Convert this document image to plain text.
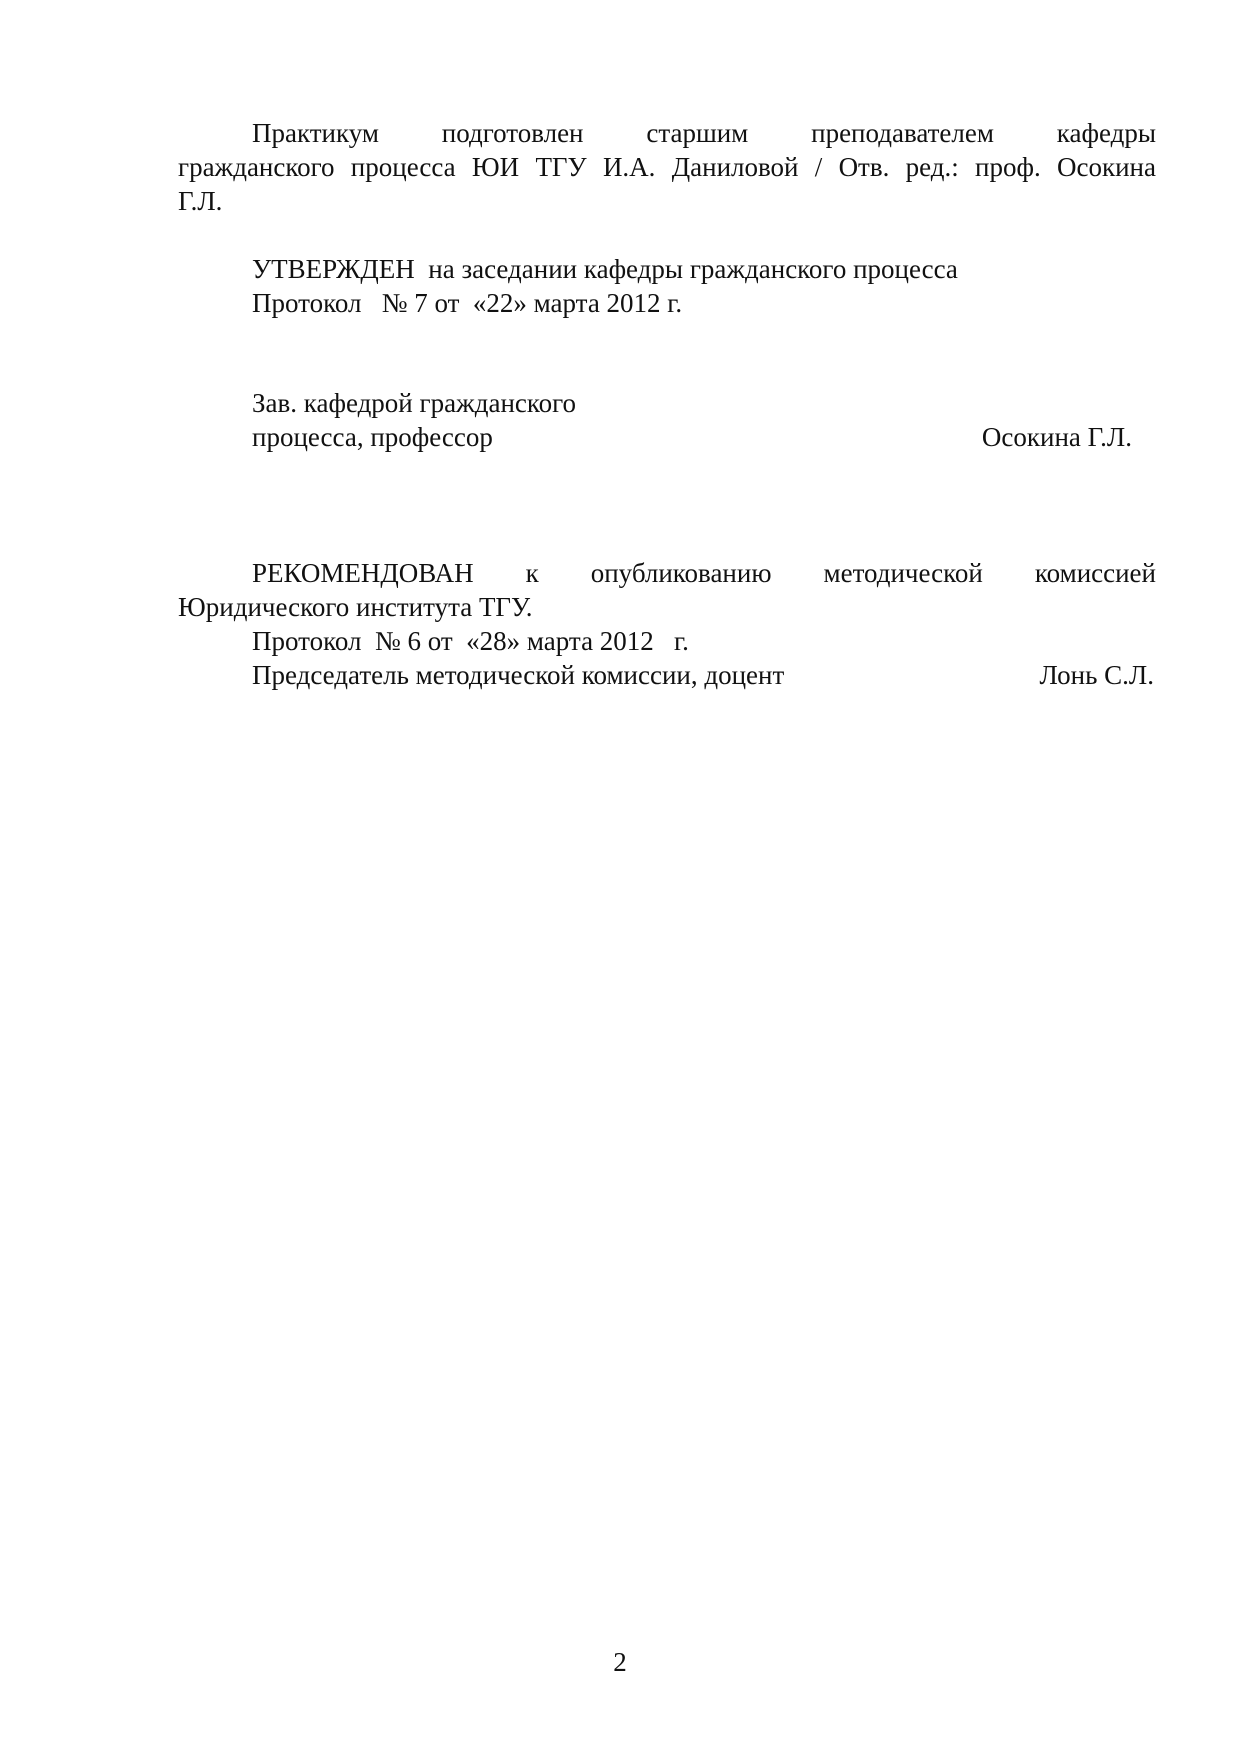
Практикум подготовлен старшим преподавателем кафедры
гражданского процесса ЮИ ТГУ И.А. Даниловой / Отв. ред.: проф. Осокина
Г.Л.
УТВЕРЖДЕН  на заседании кафедры гражданского процесса
Протокол   № 7 от  «22» марта 2012 г.
Зав. кафедрой гражданского
процесса, профессор	Осокина Г.Л.
РЕКОМЕНДОВАН к опубликованию методической комиссией
Юридического института ТГУ.
Протокол  № 6 от  «28» марта 2012   г.
Председатель методической комиссии, доцент	Лонь С.Л.
2
